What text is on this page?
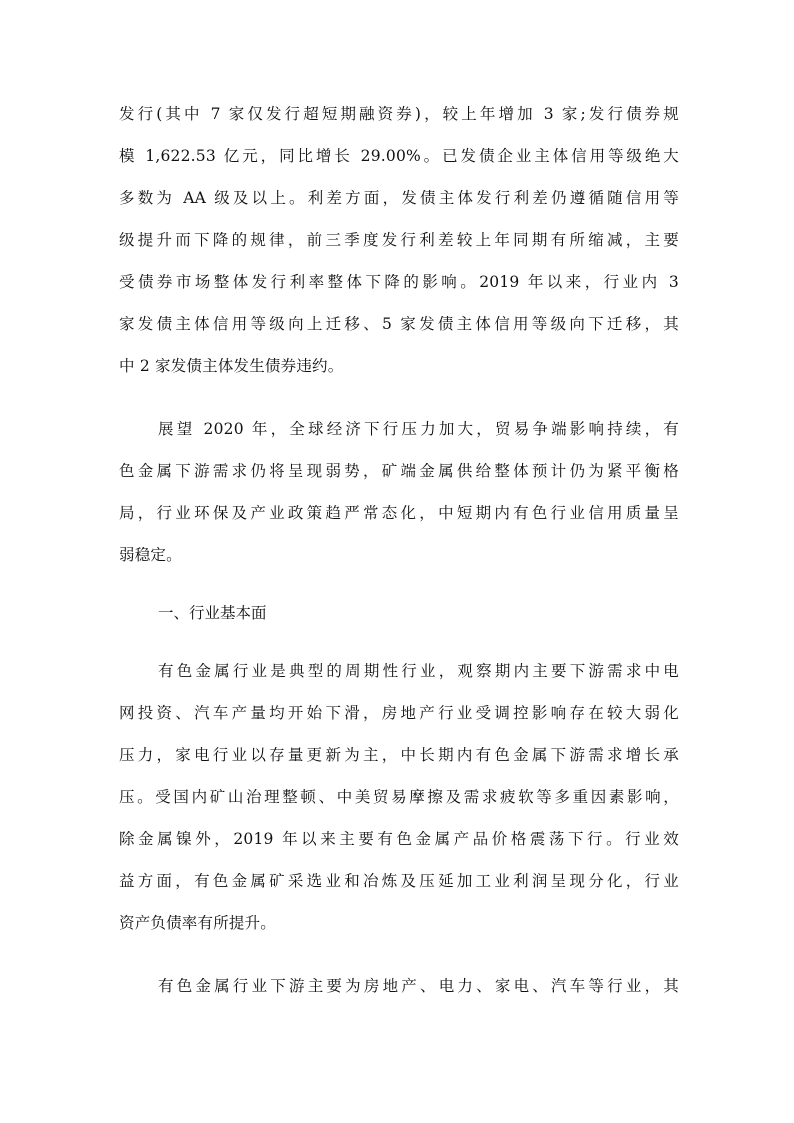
发行(其中 7 家仅发行超短期融资券)，较上年增加 3 家;发行债券规
模 1,622.53 亿元，同比增长 29.00%。已发债企业主体信用等级绝大
多数为 AA 级及以上。利差方面，发债主体发行利差仍遵循随信用等
级提升而下降的规律，前三季度发行利差较上年同期有所缩减，主要
受债券市场整体发行利率整体下降的影响。2019 年以来，行业内 3
家发债主体信用等级向上迁移、5 家发债主体信用等级向下迁移，其
中 2 家发债主体发生债券违约。
展望 2020 年，全球经济下行压力加大，贸易争端影响持续，有
色金属下游需求仍将呈现弱势，矿端金属供给整体预计仍为紧平衡格
局，行业环保及产业政策趋严常态化，中短期内有色行业信用质量呈
弱稳定。
一、行业基本面
有色金属行业是典型的周期性行业，观察期内主要下游需求中电
网投资、汽车产量均开始下滑，房地产行业受调控影响存在较大弱化
压力，家电行业以存量更新为主，中长期内有色金属下游需求增长承
压。受国内矿山治理整顿、中美贸易摩擦及需求疲软等多重因素影响，
除金属镍外，2019 年以来主要有色金属产品价格震荡下行。行业效
益方面，有色金属矿采选业和冶炼及压延加工业利润呈现分化，行业
资产负债率有所提升。
有色金属行业下游主要为房地产、电力、家电、汽车等行业，其
